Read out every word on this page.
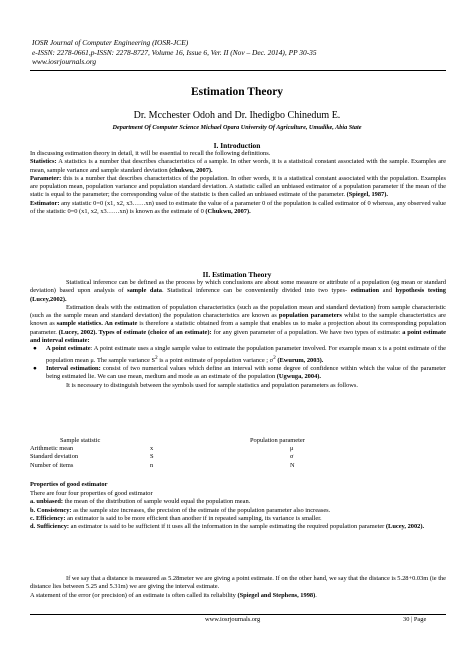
IOSR Journal of Computer Engineering (IOSR-JCE)
e-ISSN: 2278-0661,p-ISSN: 2278-8727, Volume 16, Issue 6, Ver. II (Nov – Dec. 2014), PP 30-35
www.iosrjournals.org
Estimation Theory
Dr. Mcchester Odoh and Dr. Ihedigbo Chinedum E.
Department Of Computer Science Michael Opara University Of Agriculture, Umudike, Abia State
I. Introduction

In discussing estimation theory in detail, it will be essential to recall the following definitions.

Statistics: A statistics is a number that describes characteristics of a sample. In other words, it is a statistical constant associated with the sample. Examples are mean, sample variance and sample standard deviation (chukwu, 2007).

Parameter: this is a number that describes characteristics of the population. In other words, it is a statistical constant associated with the population. Examples are population mean, population variance and population standard deviation. A statistic called an unbiased estimator of a population parameter if the mean of the static is equal to the parameter; the corresponding value of the statistic is then called an unbiased estimate of the parameter. (Spiegel, 1987).

Estimator: any statistic 0=0 (x1, x2, x3……xn) used to estimate the value of a parameter 0 of the population is called estimator of 0 whereas, any observed value of the statistic 0=0 (x1, x2, x3……xn) is known as the estimate of 0 (Chukwu, 2007).

II. Estimation Theory

Statistical inference can be defined as the process by which conclusions are about some measure or attribute of a population (eg mean or standard deviation) based upon analysis of sample data. Statistical inference can be conveniently divided into two types- estimation and hypothesis testing (Lucey,2002).

Estimation deals with the estimation of population characteristics (such as the population mean and standard deviation) from sample characteristic (such as the sample mean and standard deviation) the population characteristics are known as population parameters whilst to the sample characteristics are known as sample statistics. An estimate is therefore a statistic obtained from a sample that enables us to make a projection about its corresponding population parameter. (Lucey, 2002). Types of estimate (choice of an estimate): for any given parameter of a population. We have two types of estimate: a point estimate and interval estimate:

● A point estimate: A point estimate uses a single sample value to estimate the population parameter involved. For example mean x is a point estimate of the population mean μ. The sample variance $S^2$ is a point estimate of population variance ; $\sigma^2$ (Ewurum, 2003).
● Interval estimation: consist of two numerical values which define an interval with some degree of confidence within which the value of the parameter being estimated lie. We can use mean, medium and mode as an estimate of the population (Ugwuga, 2004).

It is necessary to distinguish between the symbols used for sample statistics and population parameters as follows.

Sample statistic		Population parameter
Arithmetic mean	x	μ
Standard deviation	S	σ
Number of items	n	N
Properties of good estimator

There are four four properties of good estimator

a. unbiased: the mean of the distribution of sample would equal the population mean.

b. Consistency: as the sample size increases, the precision of the estimate of the population parameter also increases.

c. Efficiency: an estimator is said to be more efficient than another if in repeated sampling, its variance is smaller.

d. Sufficiency: an estimator is said to be sufficient if it uses all the information in the sample estimating the required population parameter (Lucey, 2002).

If we say that a distance is measured as 5.28meter we are giving a point estimate. If on the other hand, we say that the distance is 5.28+0.03m (ie the distance lies between 5.25 and 5.31m) we are giving the interval estimate.

A statement of the error (or precision) of an estimate is often called its reliability (Spiegel and Stephens, 1998).

www.iosrjournals.org	30 | Page
